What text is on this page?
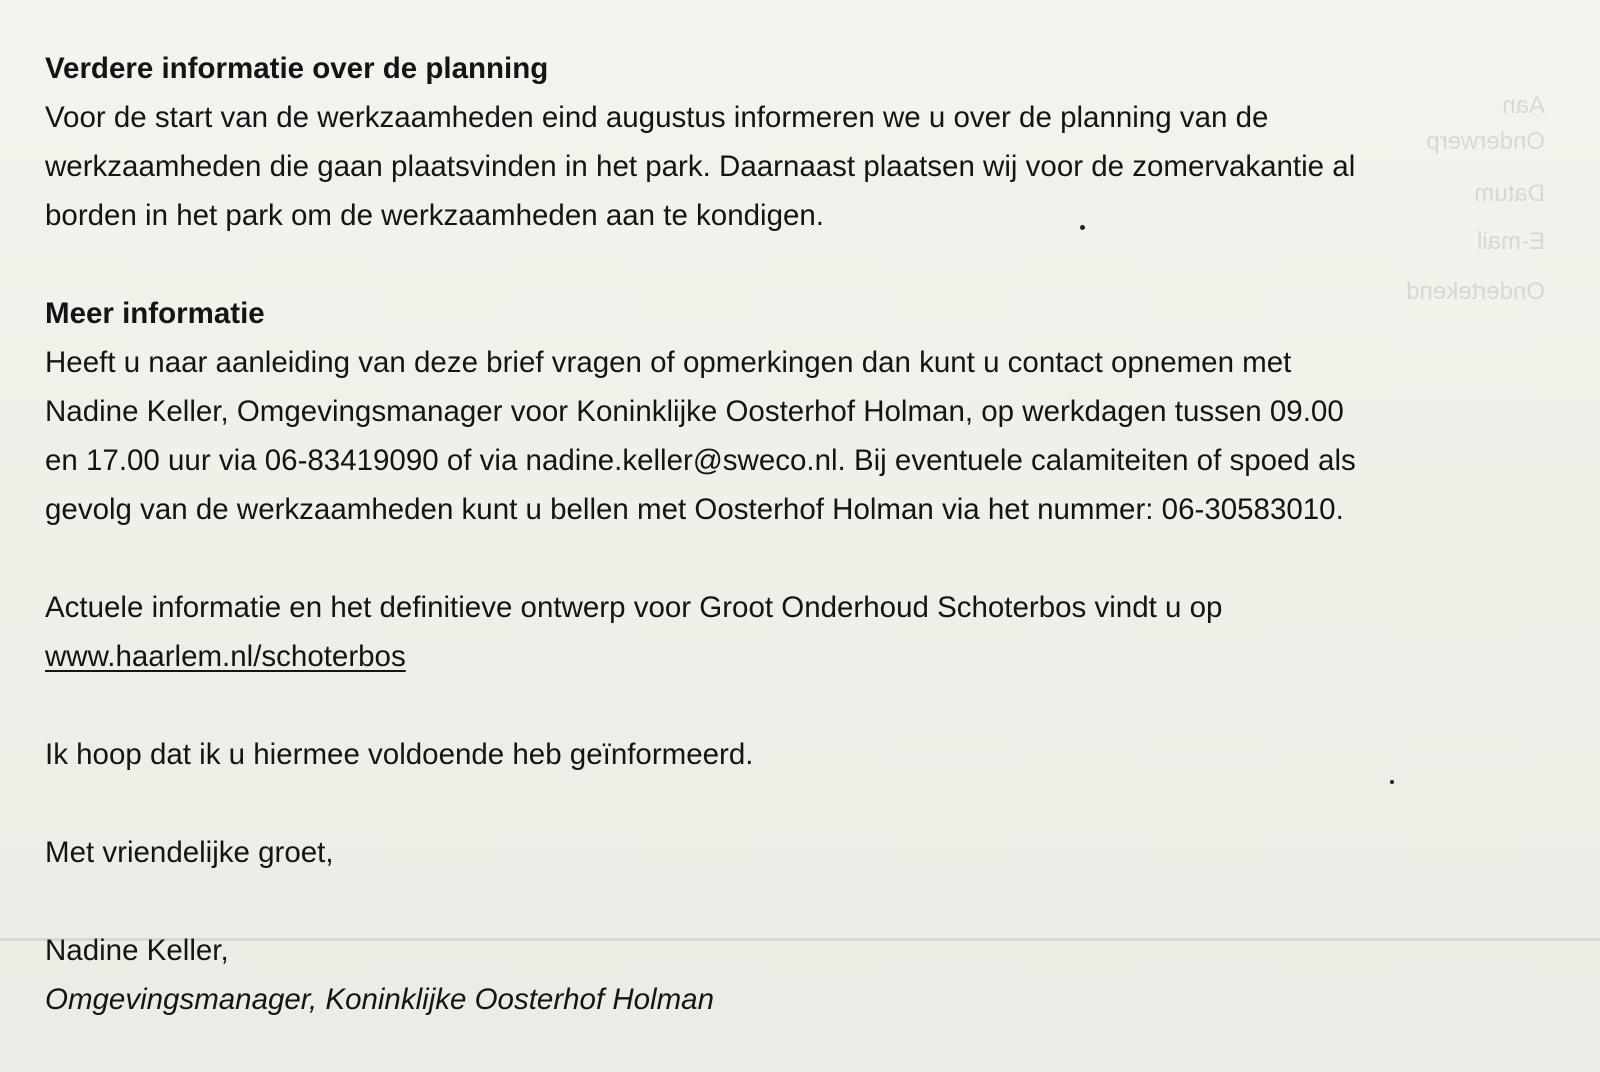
Aan
Onderwerp
Datum
E-mail
Ondertekend

Verdere informatie over de planning

Voor de start van de werkzaamheden eind augustus informeren we u over de planning van de

werkzaamheden die gaan plaatsvinden in het park. Daarnaast plaatsen wij voor de zomervakantie al

borden in het park om de werkzaamheden aan te kondigen.

Meer informatie

Heeft u naar aanleiding van deze brief vragen of opmerkingen dan kunt u contact opnemen met

Nadine Keller, Omgevingsmanager voor Koninklijke Oosterhof Holman, op werkdagen tussen 09.00

en 17.00 uur via 06-83419090 of via nadine.keller@sweco.nl. Bij eventuele calamiteiten of spoed als

gevolg van de werkzaamheden kunt u bellen met Oosterhof Holman via het nummer: 06-30583010.

Actuele informatie en het definitieve ontwerp voor Groot Onderhoud Schoterbos vindt u op

www.haarlem.nl/schoterbos

Ik hoop dat ik u hiermee voldoende heb geïnformeerd.

Met vriendelijke groet,

Nadine Keller,

Omgevingsmanager, Koninklijke Oosterhof Holman
